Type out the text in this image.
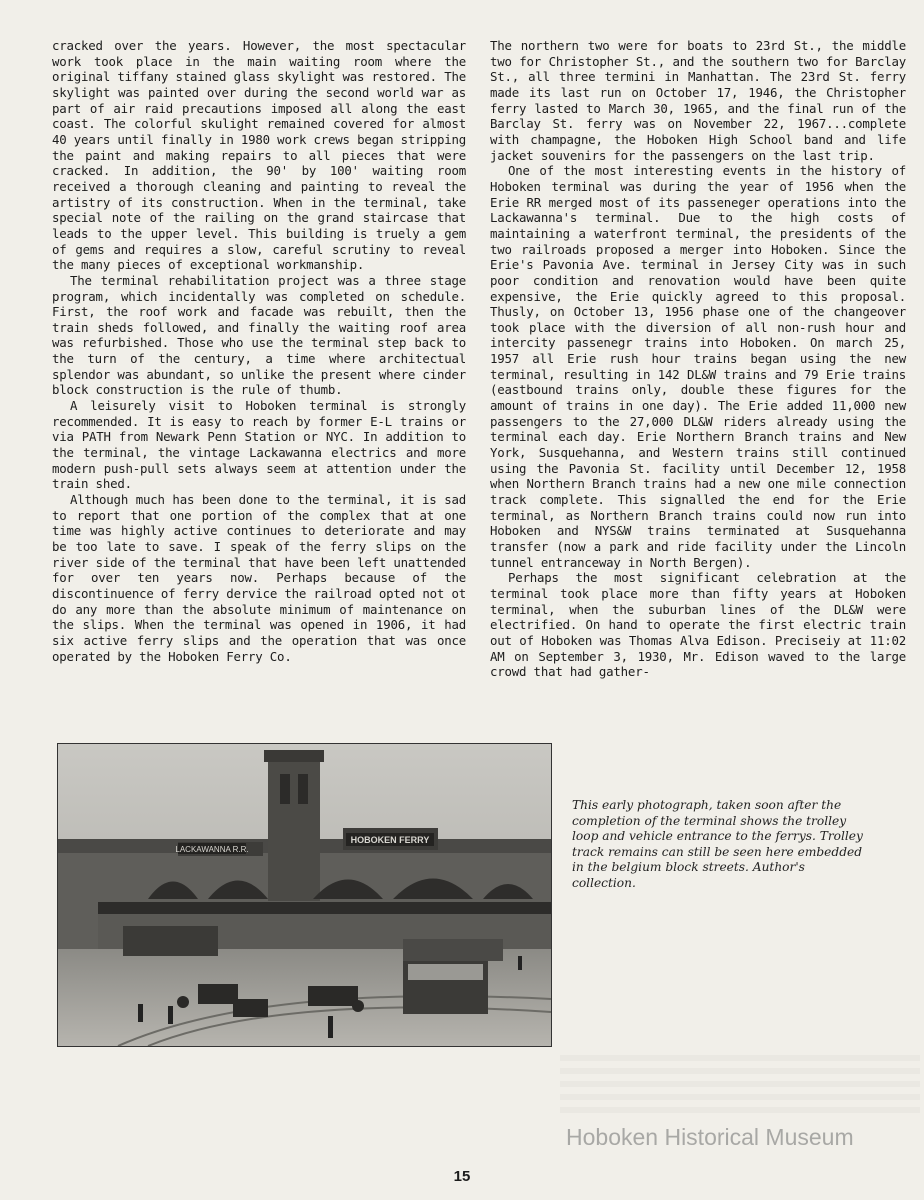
cracked over the years. However, the most spectacular work took place in the main waiting room where the original tiffany stained glass skylight was restored. The skylight was painted over during the second world war as part of air raid precautions imposed all along the east coast. The colorful skulight remained covered for almost 40 years until finally in 1980 work crews began stripping the paint and making repairs to all pieces that were cracked. In addition, the 90' by 100' waiting room received a thorough cleaning and painting to reveal the artistry of its construction. When in the terminal, take special note of the railing on the grand staircase that leads to the upper level. This building is truely a gem of gems and requires a slow, careful scrutiny to reveal the many pieces of exceptional workmanship.

The terminal rehabilitation project was a three stage program, which incidentally was completed on schedule. First, the roof work and facade was rebuilt, then the train sheds followed, and finally the waiting roof area was refurbished. Those who use the terminal step back to the turn of the century, a time where architectual splendor was abundant, so unlike the present where cinder block construction is the rule of thumb.

A leisurely visit to Hoboken terminal is strongly recommended. It is easy to reach by former E-L trains or via PATH from Newark Penn Station or NYC. In addition to the terminal, the vintage Lackawanna electrics and more modern push-pull sets always seem at attention under the train shed.

Although much has been done to the terminal, it is sad to report that one portion of the complex that at one time was highly active continues to deteriorate and may be too late to save. I speak of the ferry slips on the river side of the terminal that have been left unattended for over ten years now. Perhaps because of the discontinuence of ferry dervice the railroad opted not ot do any more than the absolute minimum of maintenance on the slips. When the terminal was opened in 1906, it had six active ferry slips and the operation that was once operated by the Hoboken Ferry Co.

The northern two were for boats to 23rd St., the middle two for Christopher St., and the southern two for Barclay St., all three termini in Manhattan. The 23rd St. ferry made its last run on October 17, 1946, the Christopher ferry lasted to March 30, 1965, and the final run of the Barclay St. ferry was on November 22, 1967...complete with champagne, the Hoboken High School band and life jacket souvenirs for the passengers on the last trip.

One of the most interesting events in the history of Hoboken terminal was during the year of 1956 when the Erie RR merged most of its passeneger operations into the Lackawanna's terminal. Due to the high costs of maintaining a waterfront terminal, the presidents of the two railroads proposed a merger into Hoboken. Since the Erie's Pavonia Ave. terminal in Jersey City was in such poor condition and renovation would have been quite expensive, the Erie quickly agreed to this proposal. Thusly, on October 13, 1956 phase one of the changeover took place with the diversion of all non-rush hour and intercity passenegr trains into Hoboken. On march 25, 1957 all Erie rush hour trains began using the new terminal, resulting in 142 DL&W trains and 79 Erie trains (eastbound trains only, double these figures for the amount of trains in one day). The Erie added 11,000 new passengers to the 27,000 DL&W riders already using the terminal each day. Erie Northern Branch trains and New York, Susquehanna, and Western trains still continued using the Pavonia St. facility until December 12, 1958 when Northern Branch trains had a new one mile connection track complete. This signalled the end for the Erie terminal, as Northern Branch trains could now run into Hoboken and NYS&W trains terminated at Susquehanna transfer (now a park and ride facility under the Lincoln tunnel entranceway in North Bergen).

Perhaps the most significant celebration at the terminal took place more than fifty years at Hoboken terminal, when the suburban lines of the DL&W were electrified. On hand to operate the first electric train out of Hoboken was Thomas Alva Edison. Preciseiy at 11:02 AM on September 3, 1930, Mr. Edison waved to the large crowd that had gather-

LACKAWANNA R.R.
HOBOKEN FERRY
This early photograph, taken soon after the completion of the terminal shows the trolley loop and vehicle entrance to the ferrys. Trolley track remains can still be seen here embedded in the belgium block streets. Author's collection.
Hoboken Historical Museum
15
